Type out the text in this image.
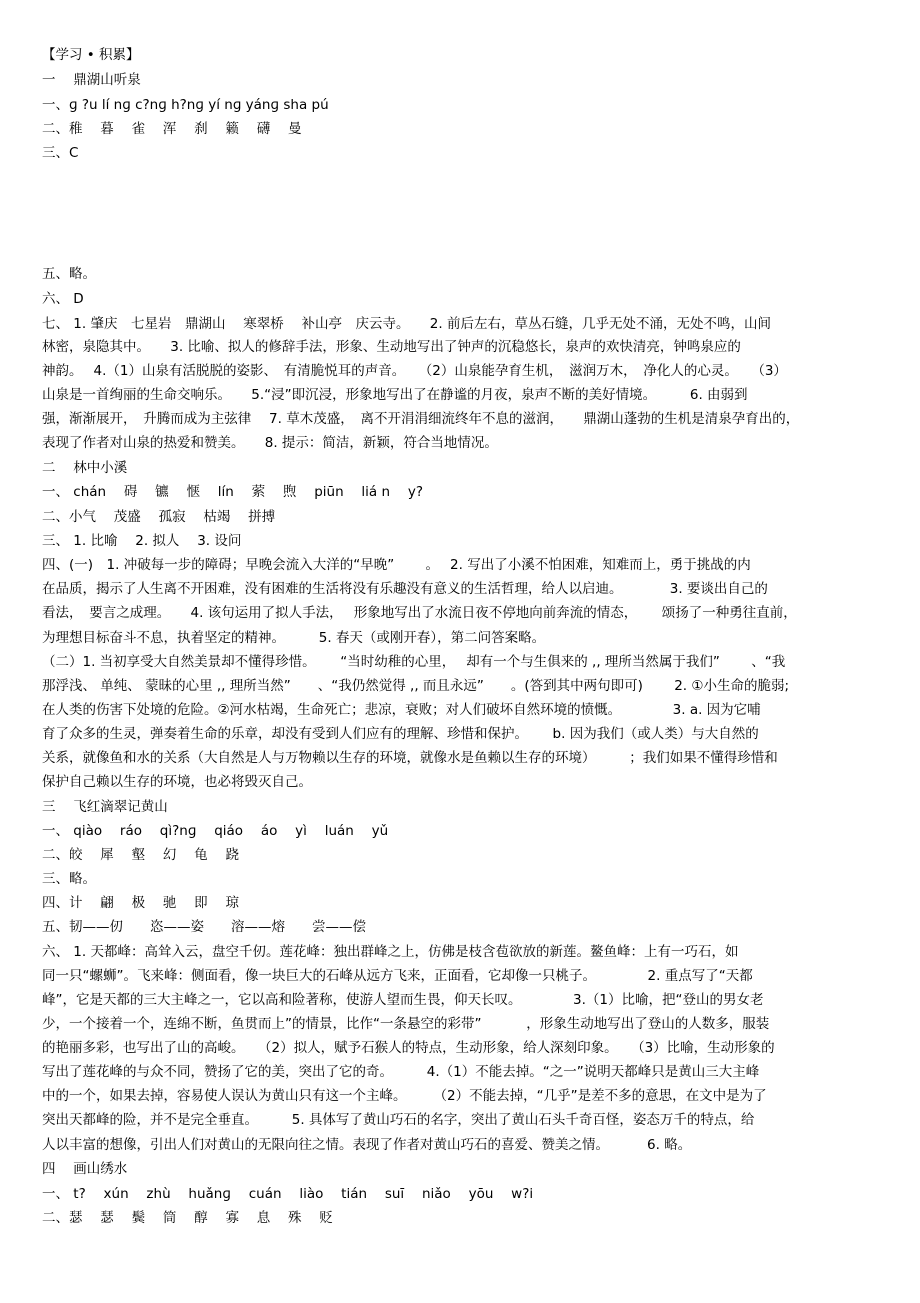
【学习 • 积累】
一　 鼎湖山听泉
一、ɡ ?u lí nɡ c?nɡ h?nɡ yí nɡ yánɡ sha pú
二、稚　 暮　 雀　 浑　 刹　 籁　 礴　 曼
三、C
五、略。
六、 D
七、 1. 肇庆　七星岩　鼎湖山　 寒翠桥　 补山亭　庆云寺。　　2. 前后左右，草丛石缝，几乎无处不涌，无处不鸣，山间
林密，泉隐其中。　　3. 比喻、拟人的修辞手法，形象、生动地写出了钟声的沉稳悠长，泉声的欢快清亮，钟鸣泉应的
神韵。　 4.（1）山泉有活脱脱的姿影、　有清脆悦耳的声音。　　（2）山泉能孕育生机，　滋润万木，　净化人的心灵。　　（3）
山泉是一首绚丽的生命交响乐。　　5.“浸”即沉浸，形象地写出了在静谧的月夜，泉声不断的美好情境。　　　6. 由弱到
强，渐渐展开，　升腾而成为主弦律　 7. 草木茂盛，　离不开涓涓细流终年不息的滋润，　　鼎湖山蓬勃的生机是清泉孕育出的，
表现了作者对山泉的热爱和赞美。　　8. 提示：简洁，新颖，符合当地情况。
二　 林中小溪
一、 chán　 碍　 镳　 惬　 lín　 萦　 煦　 piūn　 liá n　 y?
二、小气　 茂盛　 孤寂　 枯竭　 拼搏
三、 1. 比喻　 2. 拟人　 3. 设问
四、(一)　1. 冲破每一步的障碍；早晚会流入大洋的“早晚”　　 。　 2. 写出了小溪不怕困难，知难而上，勇于挑战的内
在品质，揭示了人生离不开困难，没有困难的生活将没有乐趣没有意义的生活哲理，给人以启迪。　　　　3. 要谈出自己的
看法，　要言之成理。　　4. 该句运用了拟人手法，　 形象地写出了水流日夜不停地向前奔流的情态，　　 颂扬了一种勇往直前，
为理想目标奋斗不息，执着坚定的精神。　　　5. 春天（或刚开春），第二问答案略。
（二）1. 当初享受大自然美景却不懂得珍惜。　　 “当时幼稚的心里，　 却有一个与生俱来的 ,, 理所当然属于我们”　　 、“我
那浮浅、 单纯、 蒙昧的心里 ,, 理所当然”　　、“我仍然觉得 ,, 而且永远”　　。(答到其中两句即可)　　 2. ①小生命的脆弱;
在人类的伤害下处境的危险。②河水枯竭，生命死亡；悲凉，衰败；对人们破坏自然环境的愤慨。　　　　 3. a. 因为它哺
育了众多的生灵，弹奏着生命的乐章，却没有受到人们应有的理解、珍惜和保护。　　 b. 因为我们（或人类）与大自然的
关系，就像鱼和水的关系（大自然是人与万物赖以生存的环境，就像水是鱼赖以生存的环境）　　　；我们如果不懂得珍惜和
保护自己赖以生存的环境，也必将毁灭自己。
三　 飞红滴翠记黄山
一、 qiào　 ráo　 qì?nɡ　 qiáo　 áo　 yì　 luán　 yǔ
二、皎　 犀　 壑　 幻　 龟　 跷
三、略。
四、计　 翩　 极　 驰　 即　 琼
五、韧——仞　　恣——姿　　溶——熔　　尝——偿
六、 1. 天都峰：高耸入云，盘空千仞。莲花峰：独出群峰之上，仿佛是枝含苞欲放的新莲。鳌鱼峰：上有一巧石，如
同一只“螺蛳”。飞来峰：侧面看，像一块巨大的石峰从远方飞来，正面看，它却像一只桃子。　　　　 2. 重点写了“天都
峰”，它是天都的三大主峰之一，它以高和险著称，使游人望而生畏，仰天长叹。　　　　 3.（1）比喻，把“登山的男女老
少，一个接着一个，连绵不断，鱼贯而上”的情景，比作“一条悬空的彩带”　　　 ，形象生动地写出了登山的人数多，服装
的艳丽多彩，也写出了山的高峻。　　（2）拟人，赋予石猴人的特点，生动形象，给人深刻印象。　　（3）比喻，生动形象的
写出了莲花峰的与众不同，赞扬了它的美，突出了它的奇。　　　4.（1）不能去掉。“之一”说明天都峰只是黄山三大主峰
中的一个，如果去掉，容易使人误认为黄山只有这一个主峰。　　　（2）不能去掉，“几乎”是差不多的意思，在文中是为了
突出天都峰的险，并不是完全垂直。　　　5. 具体写了黄山巧石的名字，突出了黄山石头千奇百怪，姿态万千的特点，给
人以丰富的想像，引出人们对黄山的无限向往之情。表现了作者对黄山巧石的喜爱、赞美之情。　　　 6. 略。
四　 画山绣水
一、 t?　 xún　 zhù　 huǎnɡ　 cuán　 liào　 tián　 suī　 niǎo　 yōu　 w?i
二、瑟　 瑟　 鬓　 筒　 醇　 寡　 息　 殊　 贬
